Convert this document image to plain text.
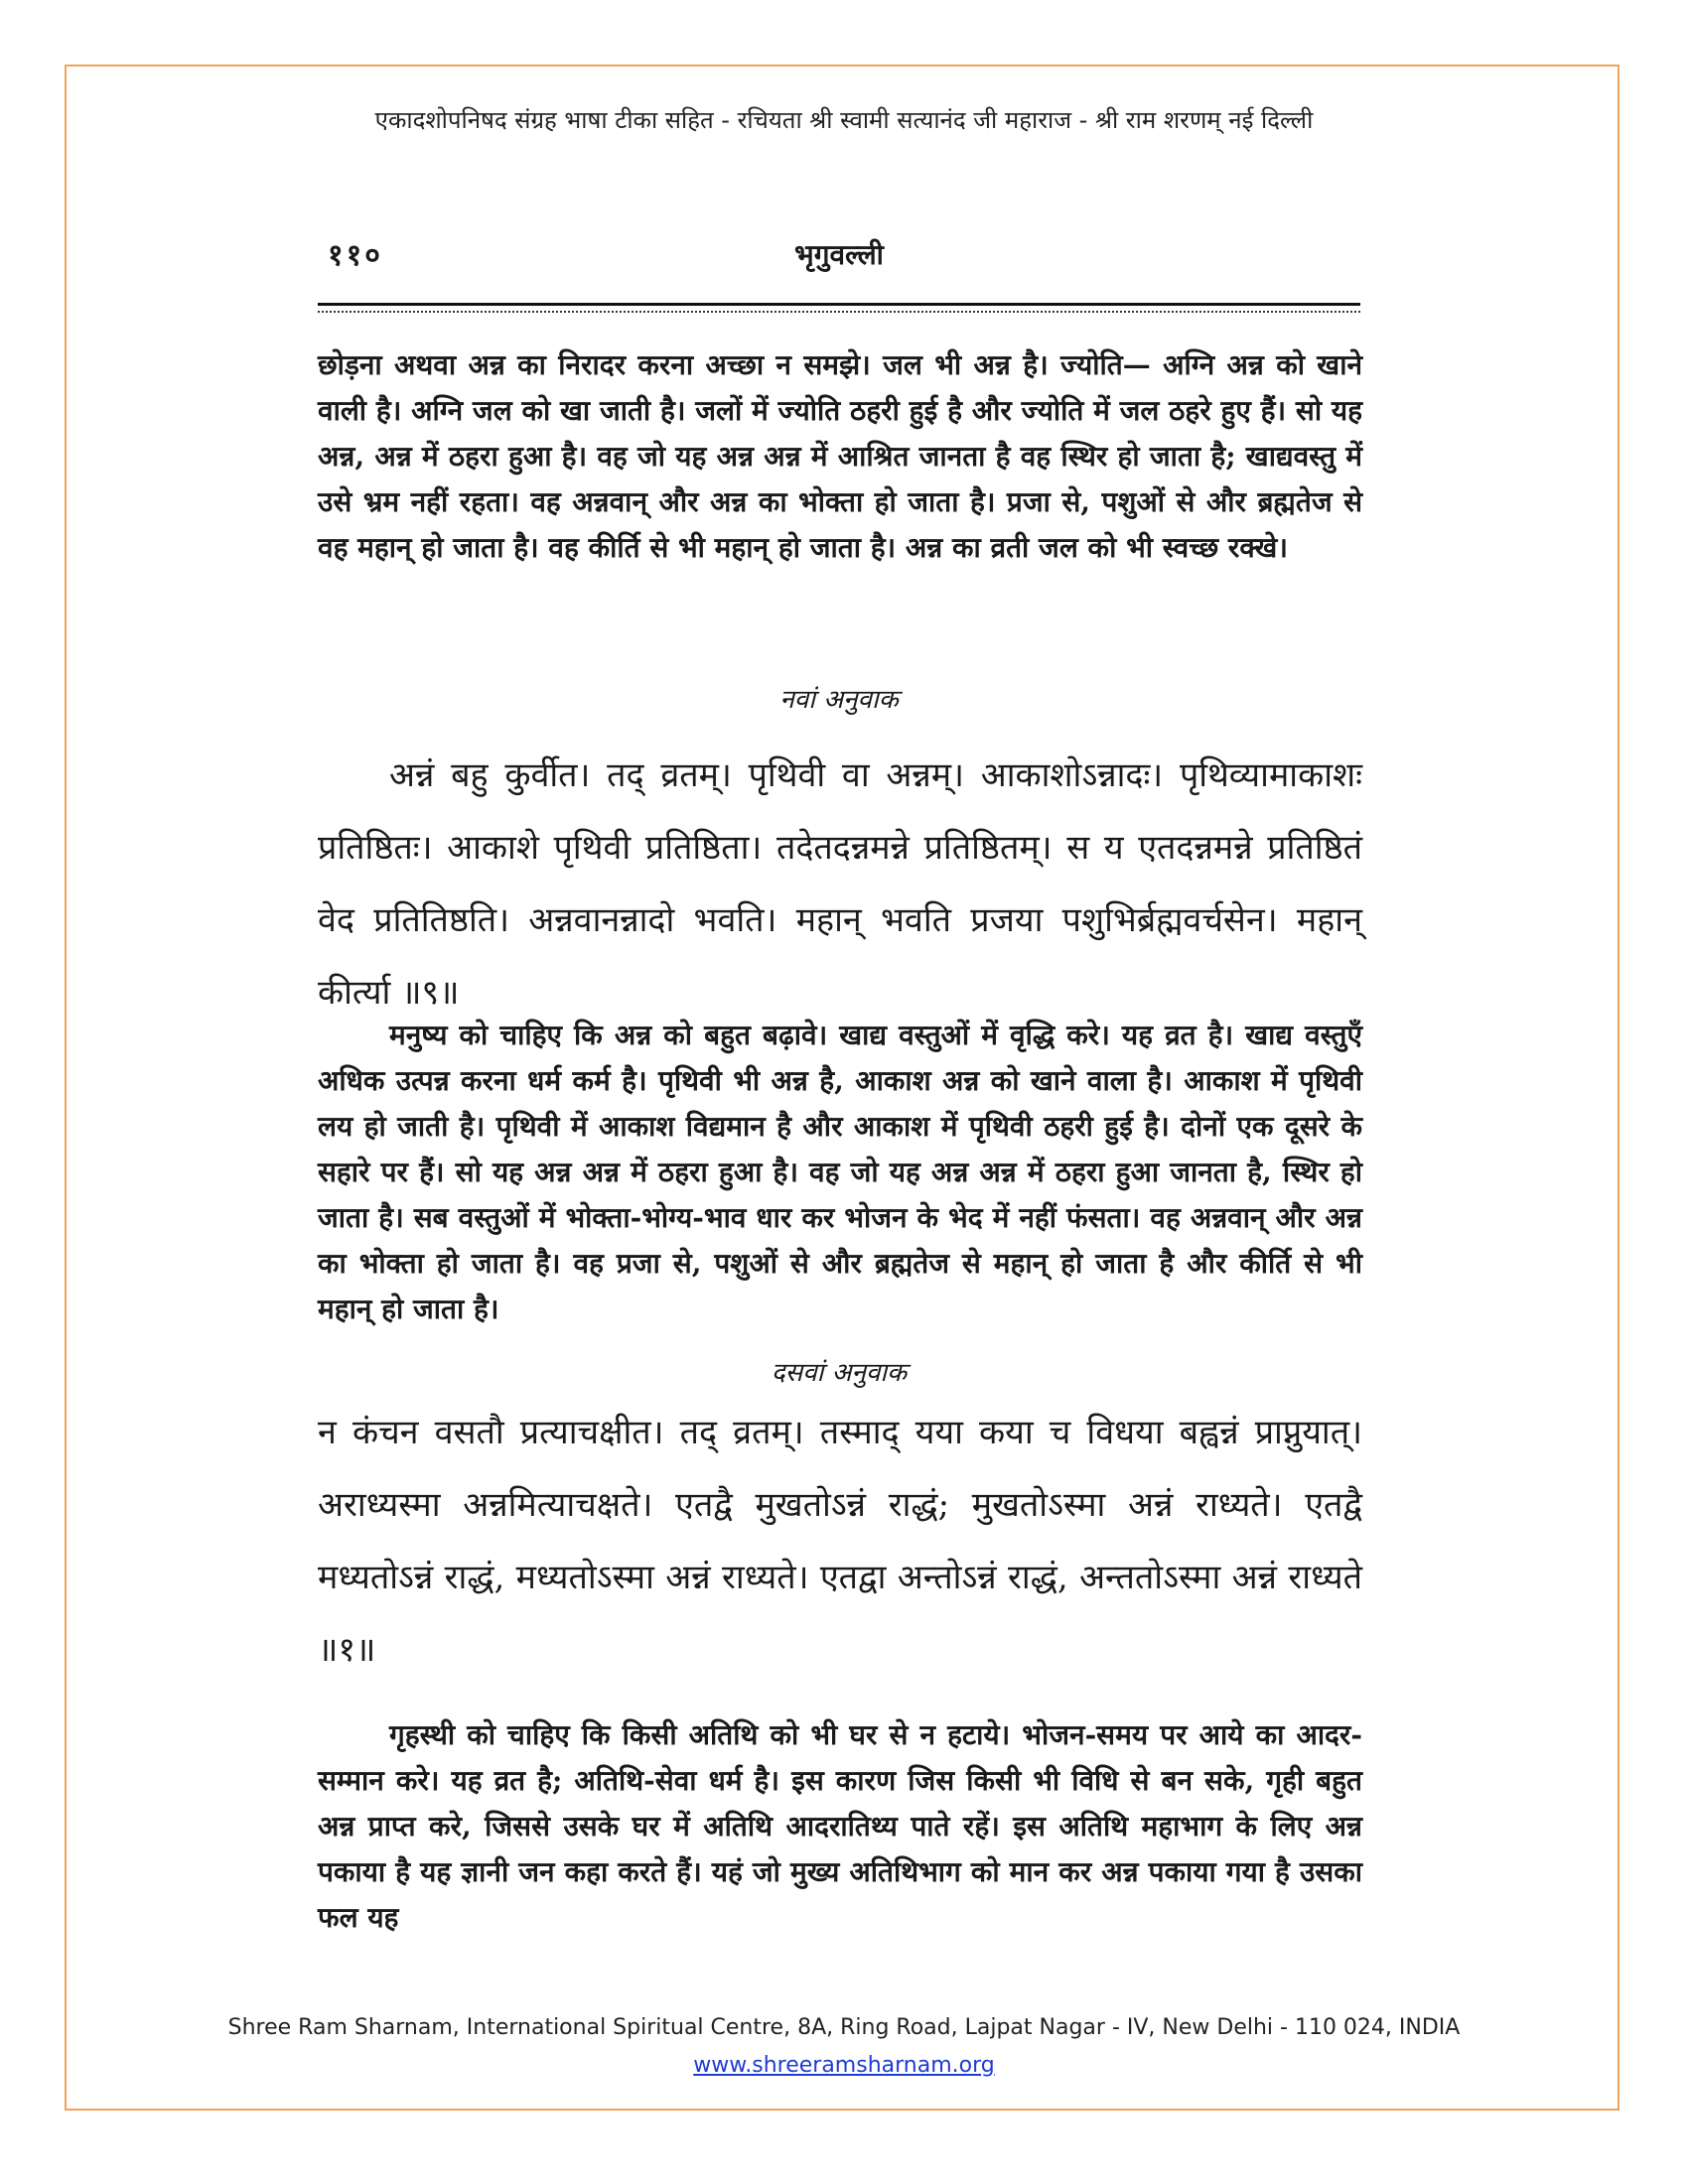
एकादशोपनिषद संग्रह भाषा टीका सहित - रचियता श्री स्वामी सत्यानंद जी महाराज - श्री राम शरणम् नई दिल्ली
११०	भृगुवल्ली
छोड़ना अथवा अन्न का निरादर करना अच्छा न समझे। जल भी अन्न है। ज्योति— अग्नि अन्न को खाने वाली है। अग्नि जल को खा जाती है। जलों में ज्योति ठहरी हुई है और ज्योति में जल ठहरे हुए हैं। सो यह अन्न, अन्न में ठहरा हुआ है। वह जो यह अन्न अन्न में आश्रित जानता है वह स्थिर हो जाता है; खाद्यवस्तु में उसे भ्रम नहीं रहता। वह अन्नवान् और अन्न का भोक्ता हो जाता है। प्रजा से, पशुओं से और ब्रह्मतेज से वह महान् हो जाता है। वह कीर्ति से भी महान् हो जाता है। अन्न का व्रती जल को भी स्वच्छ रक्खे।
नवां अनुवाक
अन्नं बहु कुर्वीत। तद् व्रतम्। पृथिवी वा अन्नम्। आकाशोऽन्नादः। पृथिव्यामाकाशः प्रतिष्ठितः। आकाशे पृथिवी प्रतिष्ठिता। तदेतदन्नमन्ने प्रतिष्ठितम्। स य एतदन्नमन्ने प्रतिष्ठितं वेद प्रतितिष्ठति। अन्नवानन्नादो भवति। महान् भवति प्रजया पशुभिर्ब्रह्मवर्चसेन। महान् कीर्त्या ॥९॥
मनुष्य को चाहिए कि अन्न को बहुत बढ़ावे। खाद्य वस्तुओं में वृद्धि करे। यह व्रत है। खाद्य वस्तुएँ अधिक उत्पन्न करना धर्म कर्म है। पृथिवी भी अन्न है, आकाश अन्न को खाने वाला है। आकाश में पृथिवी लय हो जाती है। पृथिवी में आकाश विद्यमान है और आकाश में पृथिवी ठहरी हुई है। दोनों एक दूसरे के सहारे पर हैं। सो यह अन्न अन्न में ठहरा हुआ है। वह जो यह अन्न अन्न में ठहरा हुआ जानता है, स्थिर हो जाता है। सब वस्तुओं में भोक्ता-भोग्य-भाव धार कर भोजन के भेद में नहीं फंसता। वह अन्नवान् और अन्न का भोक्ता हो जाता है। वह प्रजा से, पशुओं से और ब्रह्मतेज से महान् हो जाता है और कीर्ति से भी महान् हो जाता है।
दसवां अनुवाक
न कंचन वसतौ प्रत्याचक्षीत। तद् व्रतम्। तस्माद् यया कया च विधया बह्वन्नं प्राप्नुयात्। अराध्यस्मा अन्नमित्याचक्षते। एतद्वै मुखतोऽन्नं राद्धं; मुखतोऽस्मा अन्नं राध्यते। एतद्वै मध्यतोऽन्नं राद्धं, मध्यतोऽस्मा अन्नं राध्यते। एतद्वा अन्तोऽन्नं राद्धं, अन्ततोऽस्मा अन्नं राध्यते ॥१॥
गृहस्थी को चाहिए कि किसी अतिथि को भी घर से न हटाये। भोजन-समय पर आये का आदर-सम्मान करे। यह व्रत है; अतिथि-सेवा धर्म है। इस कारण जिस किसी भी विधि से बन सके, गृही बहुत अन्न प्राप्त करे, जिससे उसके घर में अतिथि आदरातिथ्य पाते रहें। इस अतिथि महाभाग के लिए अन्न पकाया है यह ज्ञानी जन कहा करते हैं। यहं जो मुख्य अतिथिभाग को मान कर अन्न पकाया गया है उसका फल यह
Shree Ram Sharnam, International Spiritual Centre, 8A, Ring Road, Lajpat Nagar - IV, New Delhi - 110 024, INDIA
www.shreeramsharnam.org
